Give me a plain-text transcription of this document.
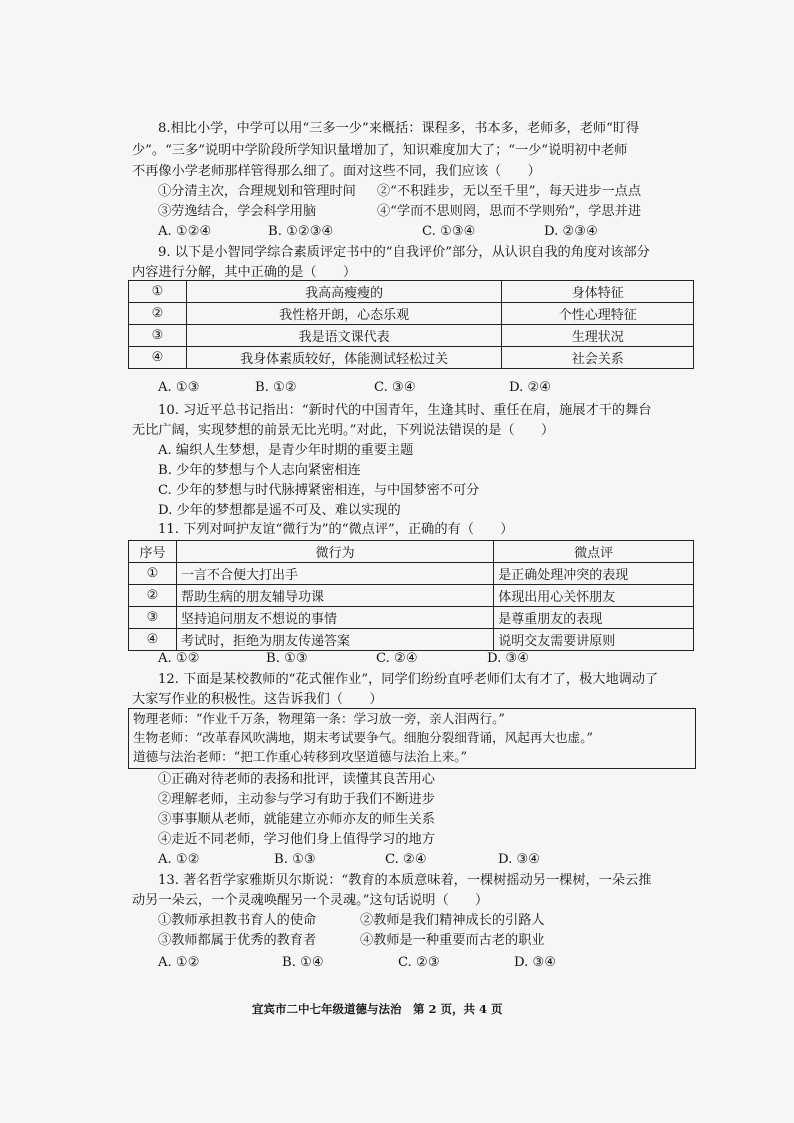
8.相比小学，中学可以用“三多一少”来概括：课程多，书本多，老师多，老师“盯得
少”。“三多”说明中学阶段所学知识量增加了，知识难度加大了；“一少”说明初中老师
不再像小学老师那样管得那么细了。面对这些不同，我们应该（　　）
①分清主次，合理规划和管理时间 ②“不积跬步，无以至千里”，每天进步一点点
③劳逸结合，学会科学用脑	④“学而不思则罔，思而不学则殆”，学思并进
A. ①②④	B. ①②③④	C. ①③④	D. ②③④
9. 以下是小智同学综合素质评定书中的“自我评价”部分，从认识自我的角度对该部分
内容进行分解，其中正确的是（　　）
①	我高高瘦瘦的	身体特征
②	我性格开朗，心态乐观	个性心理特征
③	我是语文课代表	生理状况
④	我身体素质较好，体能测试轻松过关	社会关系
A. ①③	B. ①②	C. ③④	D. ②④
10. 习近平总书记指出：“新时代的中国青年，生逢其时、重任在肩，施展才干的舞台
无比广阔，实现梦想的前景无比光明。”对此，下列说法错误的是（　　）
A. 编织人生梦想，是青少年时期的重要主题
B. 少年的梦想与个人志向紧密相连
C. 少年的梦想与时代脉搏紧密相连，与中国梦密不可分
D. 少年的梦想都是遥不可及、难以实现的
11. 下列对呵护友谊“微行为”的“微点评”，正确的有（　　）
序号	微行为	微点评
①	一言不合便大打出手	是正确处理冲突的表现
②	帮助生病的朋友辅导功课	体现出用心关怀朋友
③	坚持追问朋友不想说的事情	是尊重朋友的表现
④	考试时，拒绝为朋友传递答案	说明交友需要讲原则
A. ①②	B. ①③	C. ②④	D. ③④
12. 下面是某校教师的“花式催作业”，同学们纷纷直呼老师们太有才了，极大地调动了
大家写作业的积极性。这告诉我们（　　）
物理老师：“作业千万条，物理第一条：学习放一旁，亲人泪两行。”
生物老师：“改革春风吹满地，期末考试要争气。细胞分裂细背诵，风起再大也虚。”
道德与法治老师：“把工作重心转移到攻坚道德与法治上来。”
①正确对待老师的表扬和批评，读懂其良苦用心
②理解老师，主动参与学习有助于我们不断进步
③事事顺从老师，就能建立亦师亦友的师生关系
④走近不同老师，学习他们身上值得学习的地方
A. ①②	B. ①③	C. ②④	D. ③④
13. 著名哲学家雅斯贝尔斯说：“教育的本质意味着，一棵树摇动另一棵树，一朵云推
动另一朵云，一个灵魂唤醒另一个灵魂。”这句话说明（　　）
①教师承担教书育人的使命	②教师是我们精神成长的引路人
③教师都属于优秀的教育者	④教师是一种重要而古老的职业
A. ①②	B. ①④	C. ②③	D. ③④
宜宾市二中七年级道德与法治　第 2 页，共 4 页
